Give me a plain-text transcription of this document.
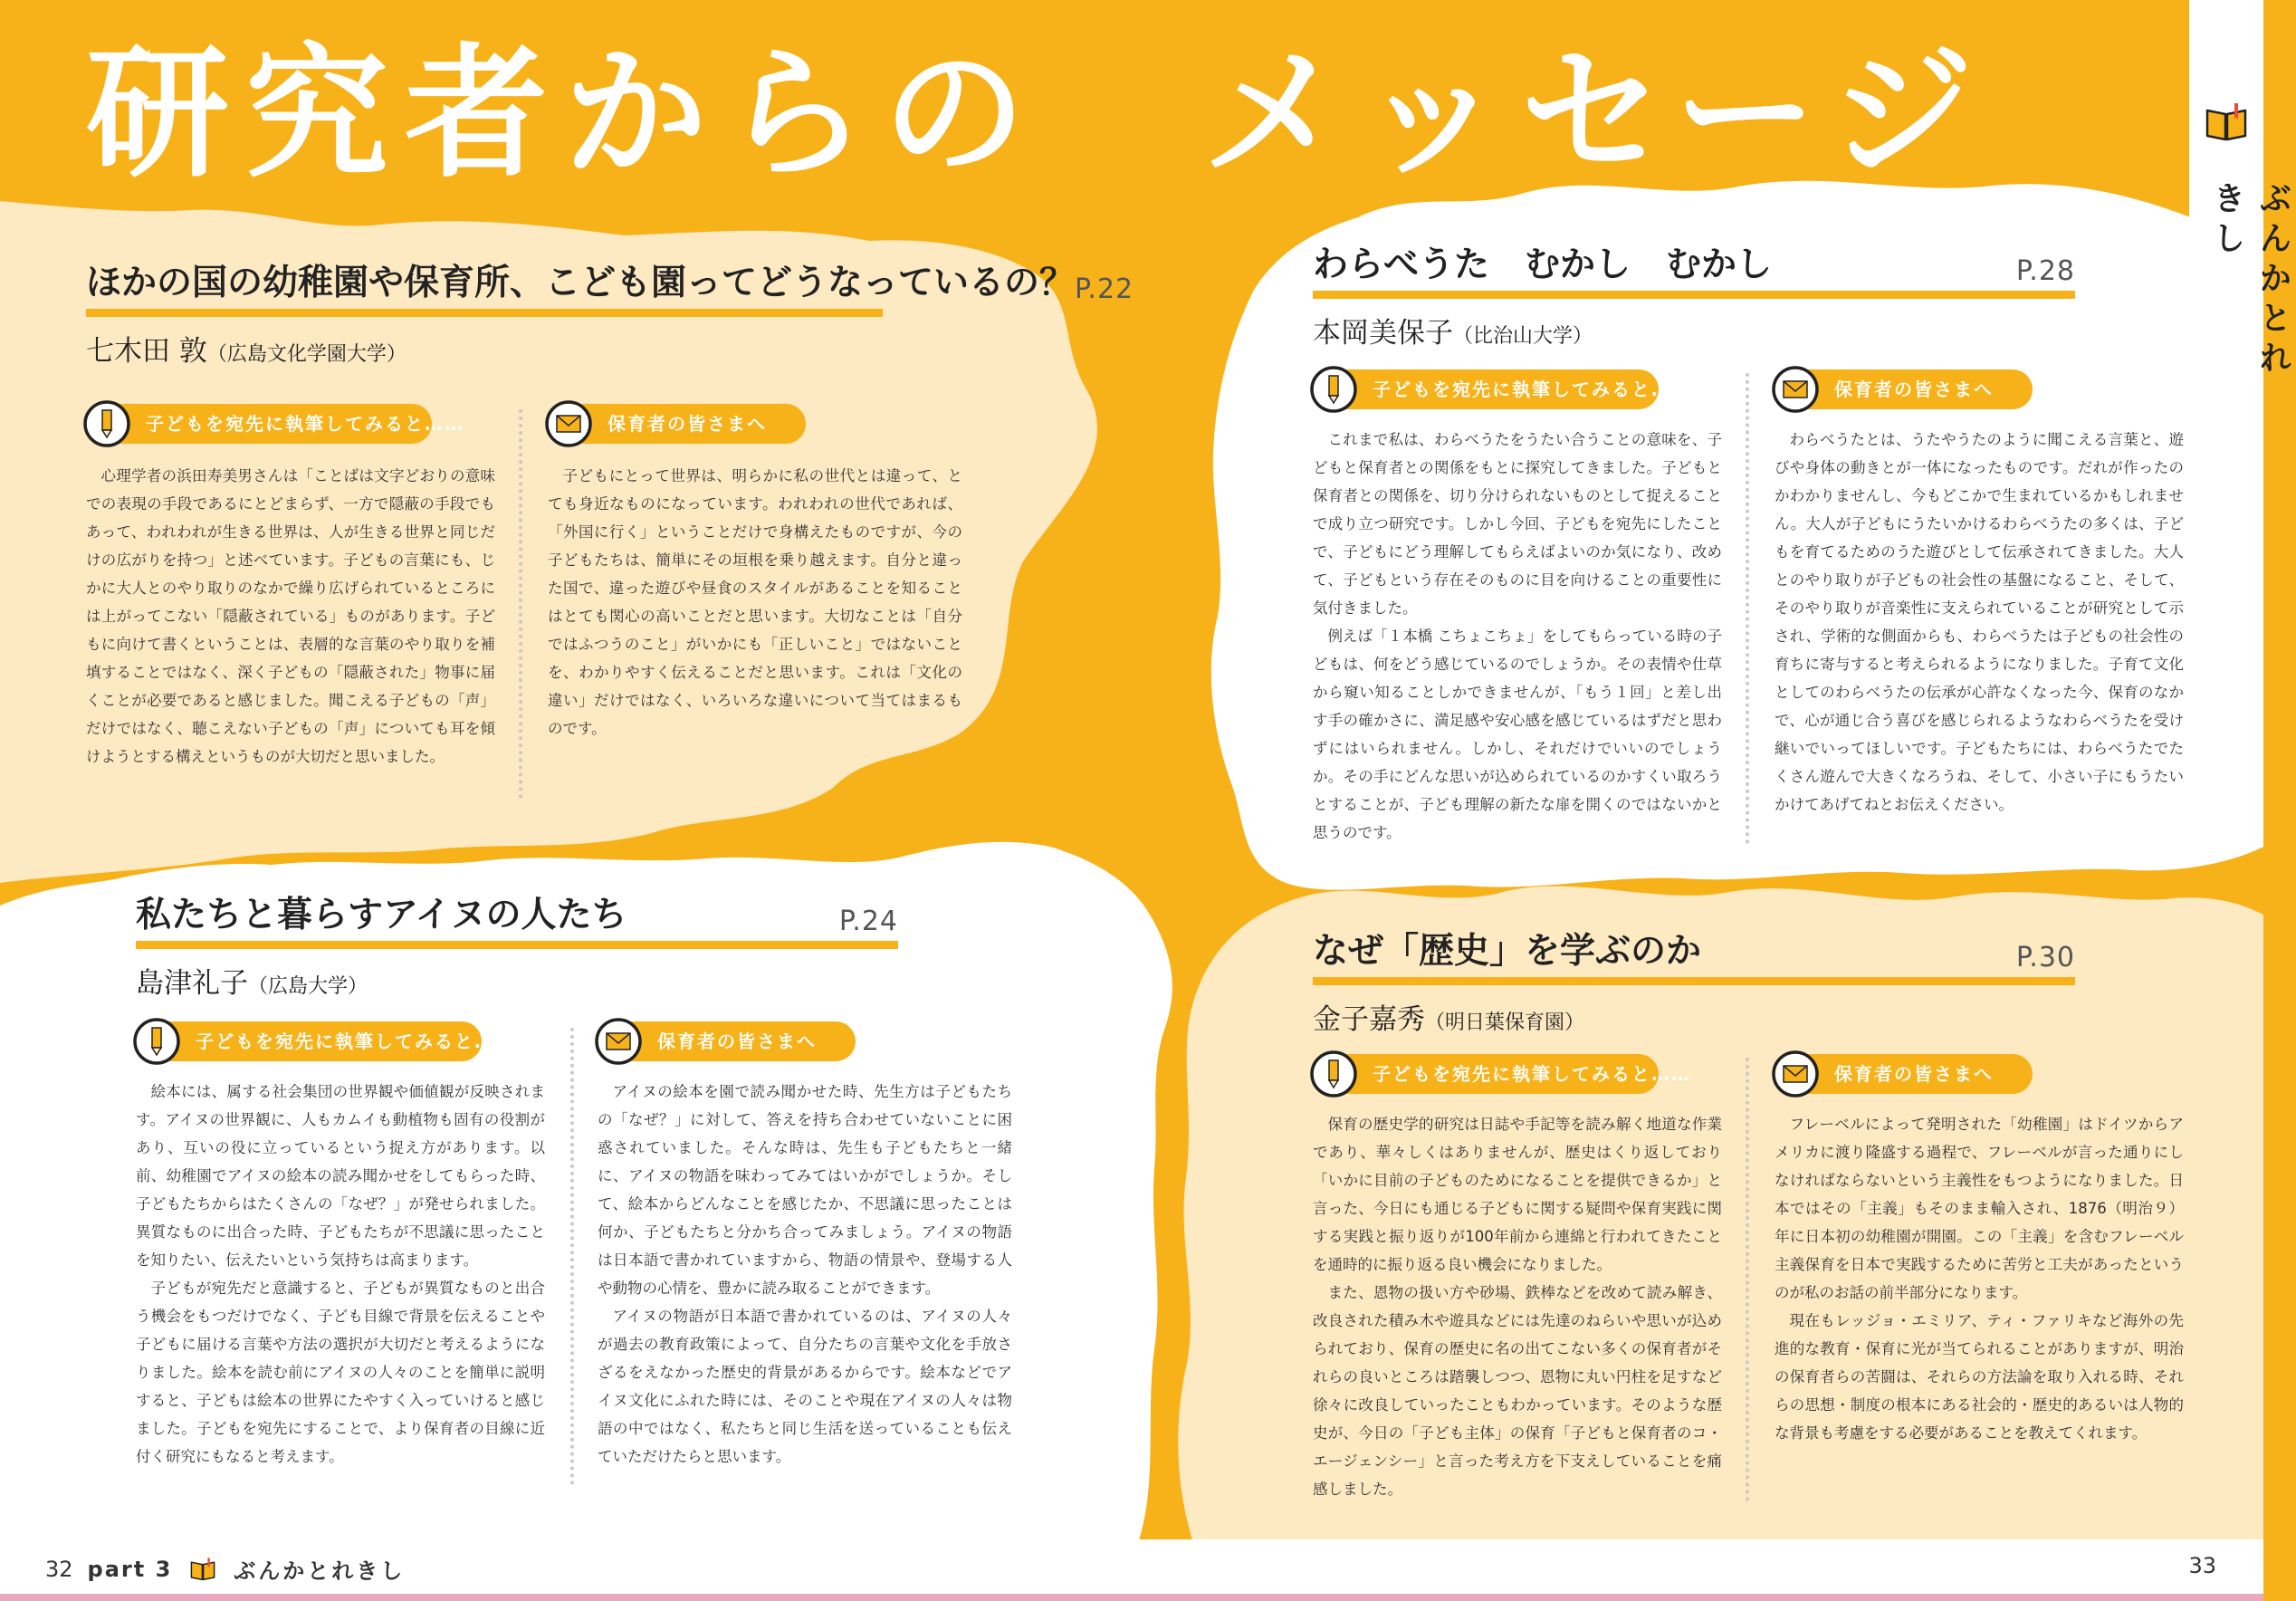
研究者からの　メッセージ
ぶんかとれきし
ほかの国の幼稚園や保育所、こども園ってどうなっているの？ P.22
七木田 敦（広島文化学園大学）
子どもを宛先に執筆してみると……

心理学者の浜田寿美男さんは「ことばは文字どおりの意味での表現の手段であるにとどまらず、一方で隠蔽の手段でもあって、われわれが生きる世界は、人が生きる世界と同じだけの広がりを持つ」と述べています。子どもの言葉にも、じかに大人とのやり取りのなかで繰り広げられているところには上がってこない「隠蔽されている」ものがあります。子どもに向けて書くということは、表層的な言葉のやり取りを補填することではなく、深く子どもの「隠蔽された」物事に届くことが必要であると感じました。聞こえる子どもの「声」だけではなく、聴こえない子どもの「声」についても耳を傾けようとする構えというものが大切だと思いました。

保育者の皆さまへ

子どもにとって世界は、明らかに私の世代とは違って、とても身近なものになっています。われわれの世代であれば、「外国に行く」ということだけで身構えたものですが、今の子どもたちは、簡単にその垣根を乗り越えます。自分と違った国で、違った遊びや昼食のスタイルがあることを知ることはとても関心の高いことだと思います。大切なことは「自分ではふつうのこと」がいかにも「正しいこと」ではないことを、わかりやすく伝えることだと思います。これは「文化の違い」だけではなく、いろいろな違いについて当てはまるものです。

わらべうた　むかし　むかし	P.28
本岡美保子（比治山大学）
子どもを宛先に執筆してみると……

これまで私は、わらべうたをうたい合うことの意味を、子どもと保育者との関係をもとに探究してきました。子どもと保育者との関係を、切り分けられないものとして捉えることで成り立つ研究です。しかし今回、子どもを宛先にしたことで、子どもにどう理解してもらえばよいのか気になり、改めて、子どもという存在そのものに目を向けることの重要性に気付きました。

例えば「１本橋 こちょこちょ」をしてもらっている時の子どもは、何をどう感じているのでしょうか。その表情や仕草から窺い知ることしかできませんが、「もう１回」と差し出す手の確かさに、満足感や安心感を感じているはずだと思わずにはいられません。しかし、それだけでいいのでしょうか。その手にどんな思いが込められているのかすくい取ろうとすることが、子ども理解の新たな扉を開くのではないかと思うのです。

保育者の皆さまへ

わらべうたとは、うたやうたのように聞こえる言葉と、遊びや身体の動きとが一体になったものです。だれが作ったのかわかりませんし、今もどこかで生まれているかもしれません。大人が子どもにうたいかけるわらべうたの多くは、子どもを育てるためのうた遊びとして伝承されてきました。大人とのやり取りが子どもの社会性の基盤になること、そして、そのやり取りが音楽性に支えられていることが研究として示され、学術的な側面からも、わらべうたは子どもの社会性の育ちに寄与すると考えられるようになりました。子育て文化としてのわらべうたの伝承が心許なくなった今、保育のなかで、心が通じ合う喜びを感じられるようなわらべうたを受け継いでいってほしいです。子どもたちには、わらべうたでたくさん遊んで大きくなろうね、そして、小さい子にもうたいかけてあげてねとお伝えください。

私たちと暮らすアイヌの人たち	P.24
島津礼子（広島大学）
子どもを宛先に執筆してみると……

絵本には、属する社会集団の世界観や価値観が反映されます。アイヌの世界観に、人もカムイも動植物も固有の役割があり、互いの役に立っているという捉え方があります。以前、幼稚園でアイヌの絵本の読み聞かせをしてもらった時、子どもたちからはたくさんの「なぜ？」が発せられました。異質なものに出合った時、子どもたちが不思議に思ったことを知りたい、伝えたいという気持ちは高まります。

子どもが宛先だと意識すると、子どもが異質なものと出合う機会をもつだけでなく、子ども目線で背景を伝えることや子どもに届ける言葉や方法の選択が大切だと考えるようになりました。絵本を読む前にアイヌの人々のことを簡単に説明すると、子どもは絵本の世界にたやすく入っていけると感じました。子どもを宛先にすることで、より保育者の目線に近付く研究にもなると考えます。

保育者の皆さまへ

アイヌの絵本を園で読み聞かせた時、先生方は子どもたちの「なぜ？」に対して、答えを持ち合わせていないことに困惑されていました。そんな時は、先生も子どもたちと一緒に、アイヌの物語を味わってみてはいかがでしょうか。そして、絵本からどんなことを感じたか、不思議に思ったことは何か、子どもたちと分かち合ってみましょう。アイヌの物語は日本語で書かれていますから、物語の情景や、登場する人や動物の心情を、豊かに読み取ることができます。

アイヌの物語が日本語で書かれているのは、アイヌの人々が過去の教育政策によって、自分たちの言葉や文化を手放さざるをえなかった歴史的背景があるからです。絵本などでアイヌ文化にふれた時には、そのことや現在アイヌの人々は物語の中ではなく、私たちと同じ生活を送っていることも伝えていただけたらと思います。

なぜ「歴史」を学ぶのか	P.30
金子嘉秀（明日葉保育園）
子どもを宛先に執筆してみると……

保育の歴史学的研究は日誌や手記等を読み解く地道な作業であり、華々しくはありませんが、歴史はくり返しており「いかに目前の子どものためになることを提供できるか」と言った、今日にも通じる子どもに関する疑問や保育実践に関する実践と振り返りが100年前から連綿と行われてきたことを通時的に振り返る良い機会になりました。

また、恩物の扱い方や砂場、鉄棒などを改めて読み解き、改良された積み木や遊具などには先達のねらいや思いが込められており、保育の歴史に名の出てこない多くの保育者がそれらの良いところは踏襲しつつ、恩物に丸い円柱を足すなど徐々に改良していったこともわかっています。そのような歴史が、今日の「子ども主体」の保育「子どもと保育者のコ・エージェンシー」と言った考え方を下支えしていることを痛感しました。

保育者の皆さまへ

フレーベルによって発明された「幼稚園」はドイツからアメリカに渡り隆盛する過程で、フレーベルが言った通りにしなければならないという主義性をもつようになりました。日本ではその「主義」もそのまま輸入され、1876（明治９）年に日本初の幼稚園が開園。この「主義」を含むフレーベル主義保育を日本で実践するために苦労と工夫があったというのが私のお話の前半部分になります。

現在もレッジョ・エミリア、ティ・ファリキなど海外の先進的な教育・保育に光が当てられることがありますが、明治の保育者らの苦闘は、それらの方法論を取り入れる時、それらの思想・制度の根本にある社会的・歴史的あるいは人物的な背景も考慮をする必要があることを教えてくれます。

32 part 3	ぶんかとれきし	33
